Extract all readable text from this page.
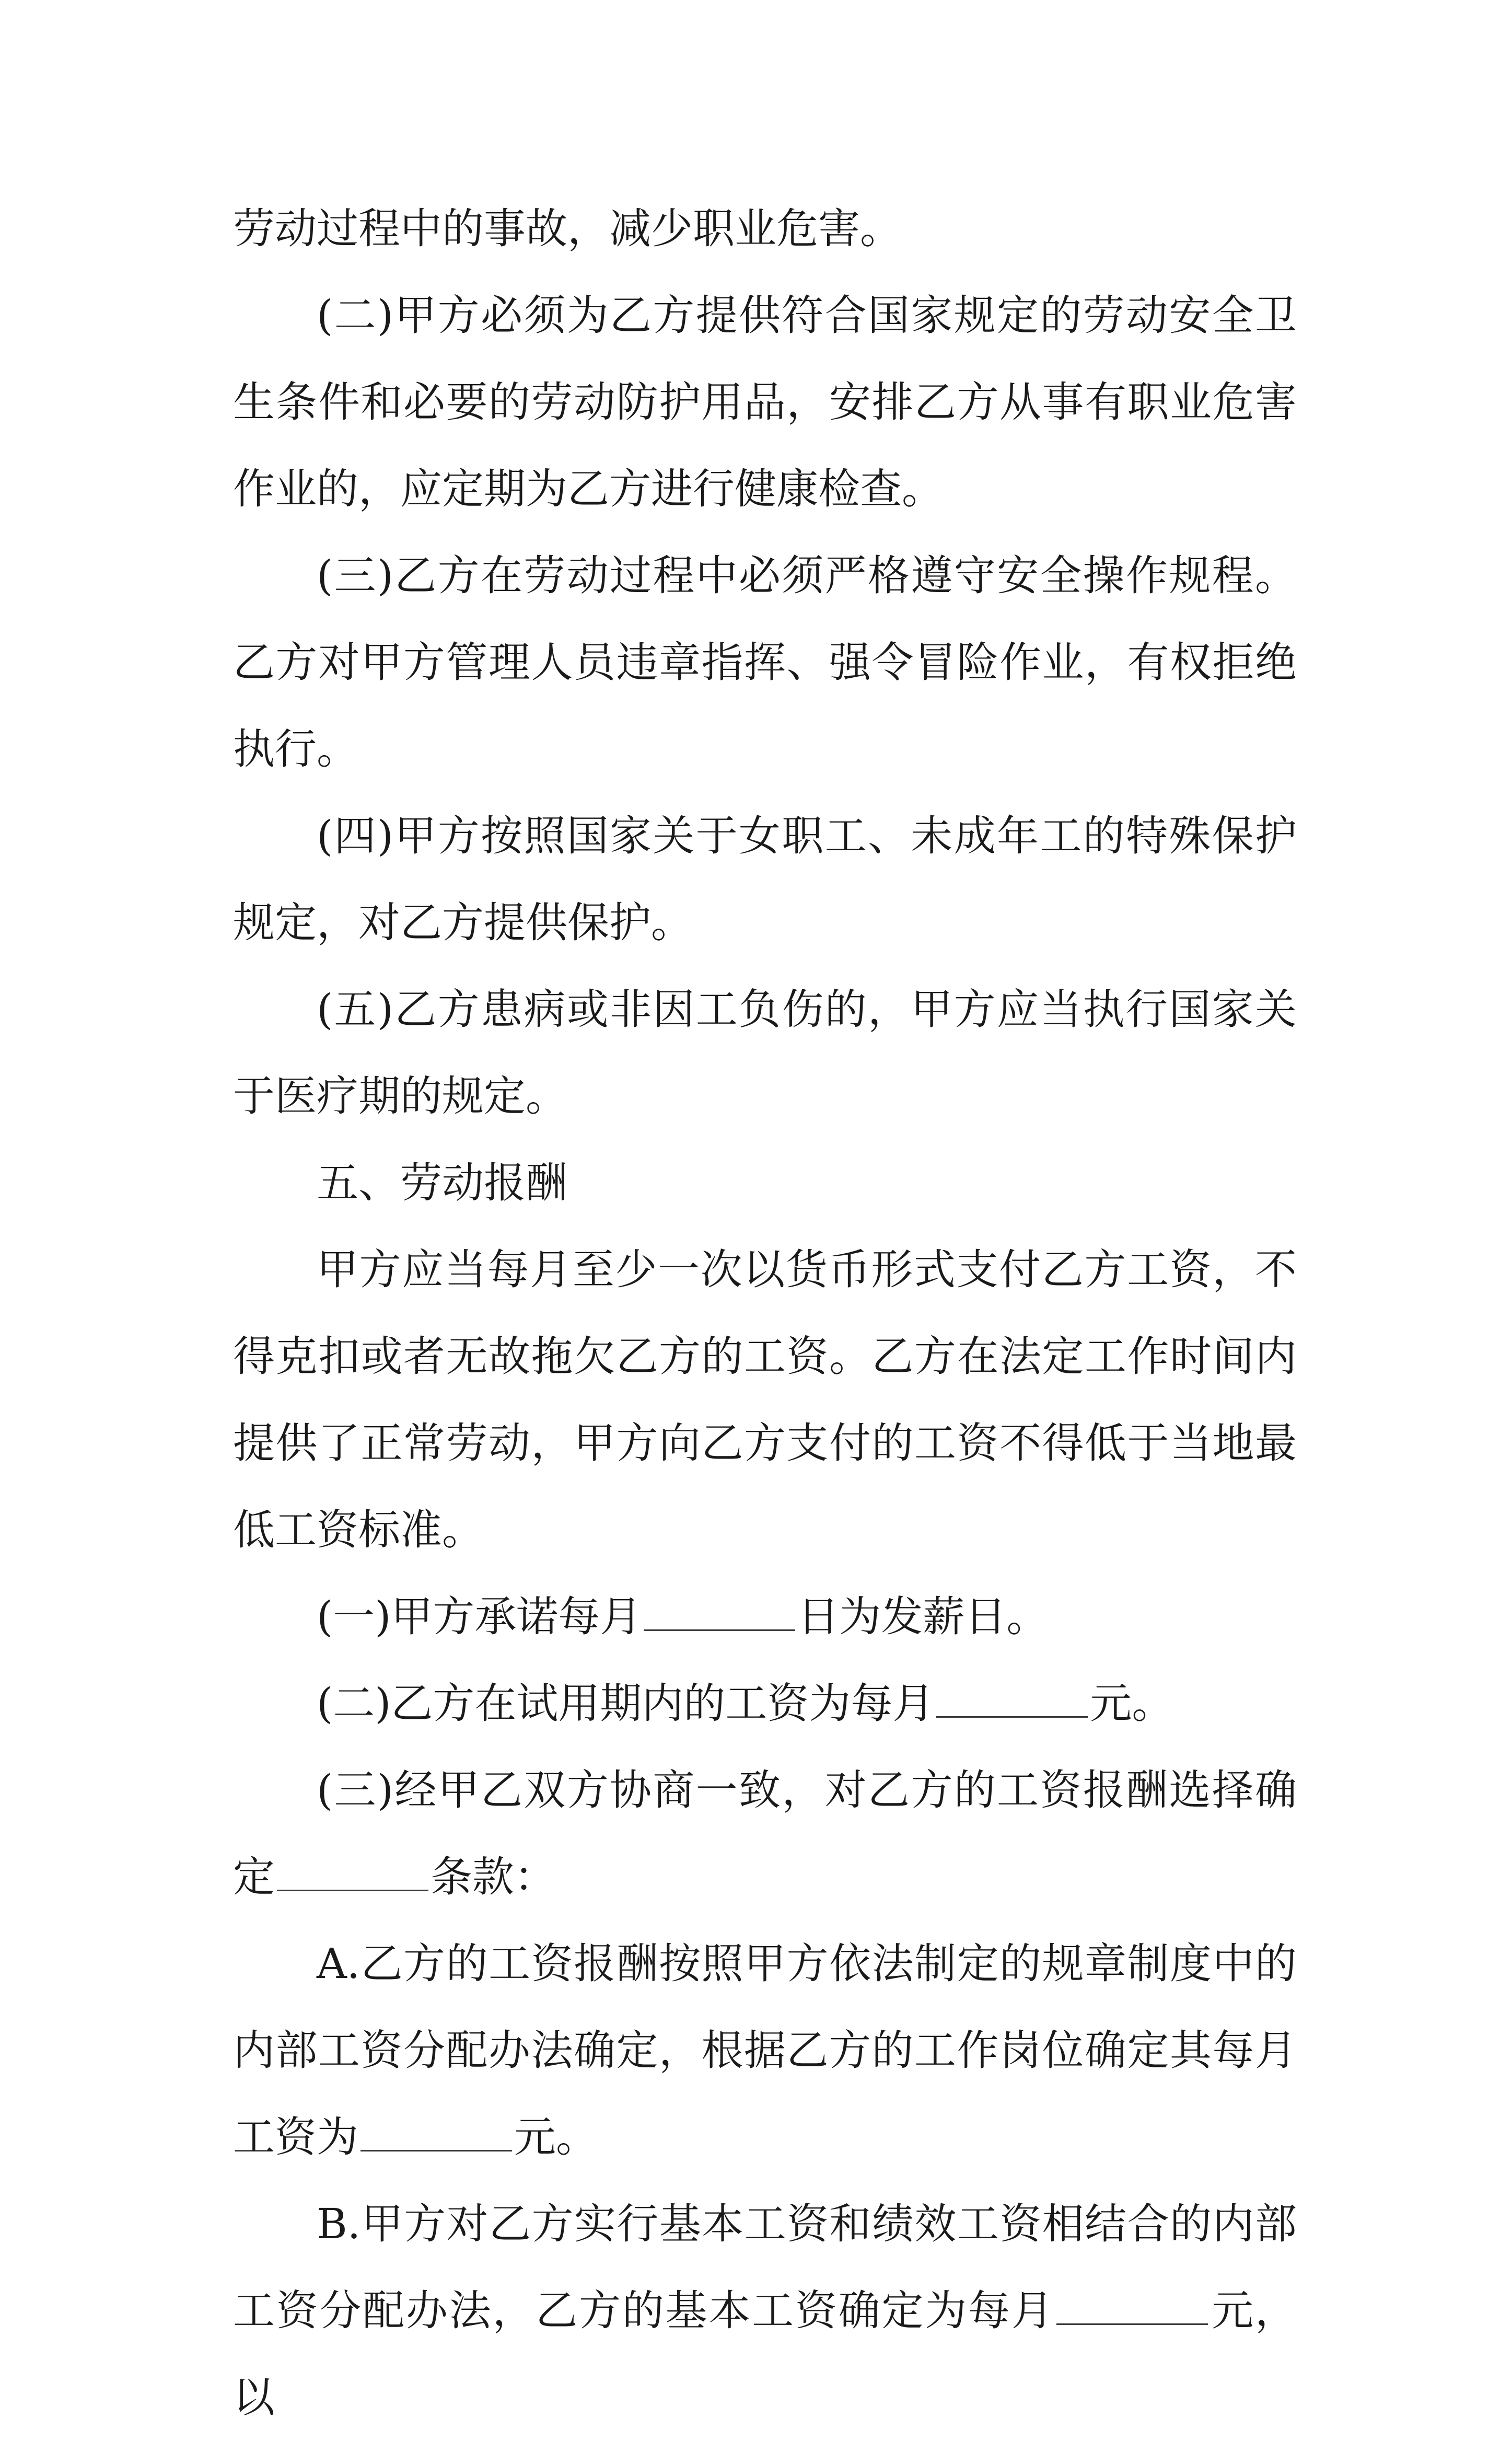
劳动过程中的事故，减少职业危害。

(二)甲方必须为乙方提供符合国家规定的劳动安全卫生条件和必要的劳动防护用品，安排乙方从事有职业危害作业的，应定期为乙方进行健康检查。

(三)乙方在劳动过程中必须严格遵守安全操作规程。乙方对甲方管理人员违章指挥、强令冒险作业，有权拒绝执行。

(四)甲方按照国家关于女职工、未成年工的特殊保护规定，对乙方提供保护。

(五)乙方患病或非因工负伤的，甲方应当执行国家关于医疗期的规定。

五、劳动报酬

甲方应当每月至少一次以货币形式支付乙方工资，不得克扣或者无故拖欠乙方的工资。乙方在法定工作时间内提供了正常劳动，甲方向乙方支付的工资不得低于当地最低工资标准。

(一)甲方承诺每月	日为发薪日。

(二)乙方在试用期内的工资为每月	元。

(三)经甲乙双方协商一致，对乙方的工资报酬选择确定	条款：

A.乙方的工资报酬按照甲方依法制定的规章制度中的内部工资分配办法确定，根据乙方的工作岗位确定其每月工资为	元。

B.甲方对乙方实行基本工资和绩效工资相结合的内部工资分配办法，乙方的基本工资确定为每月	元，以
